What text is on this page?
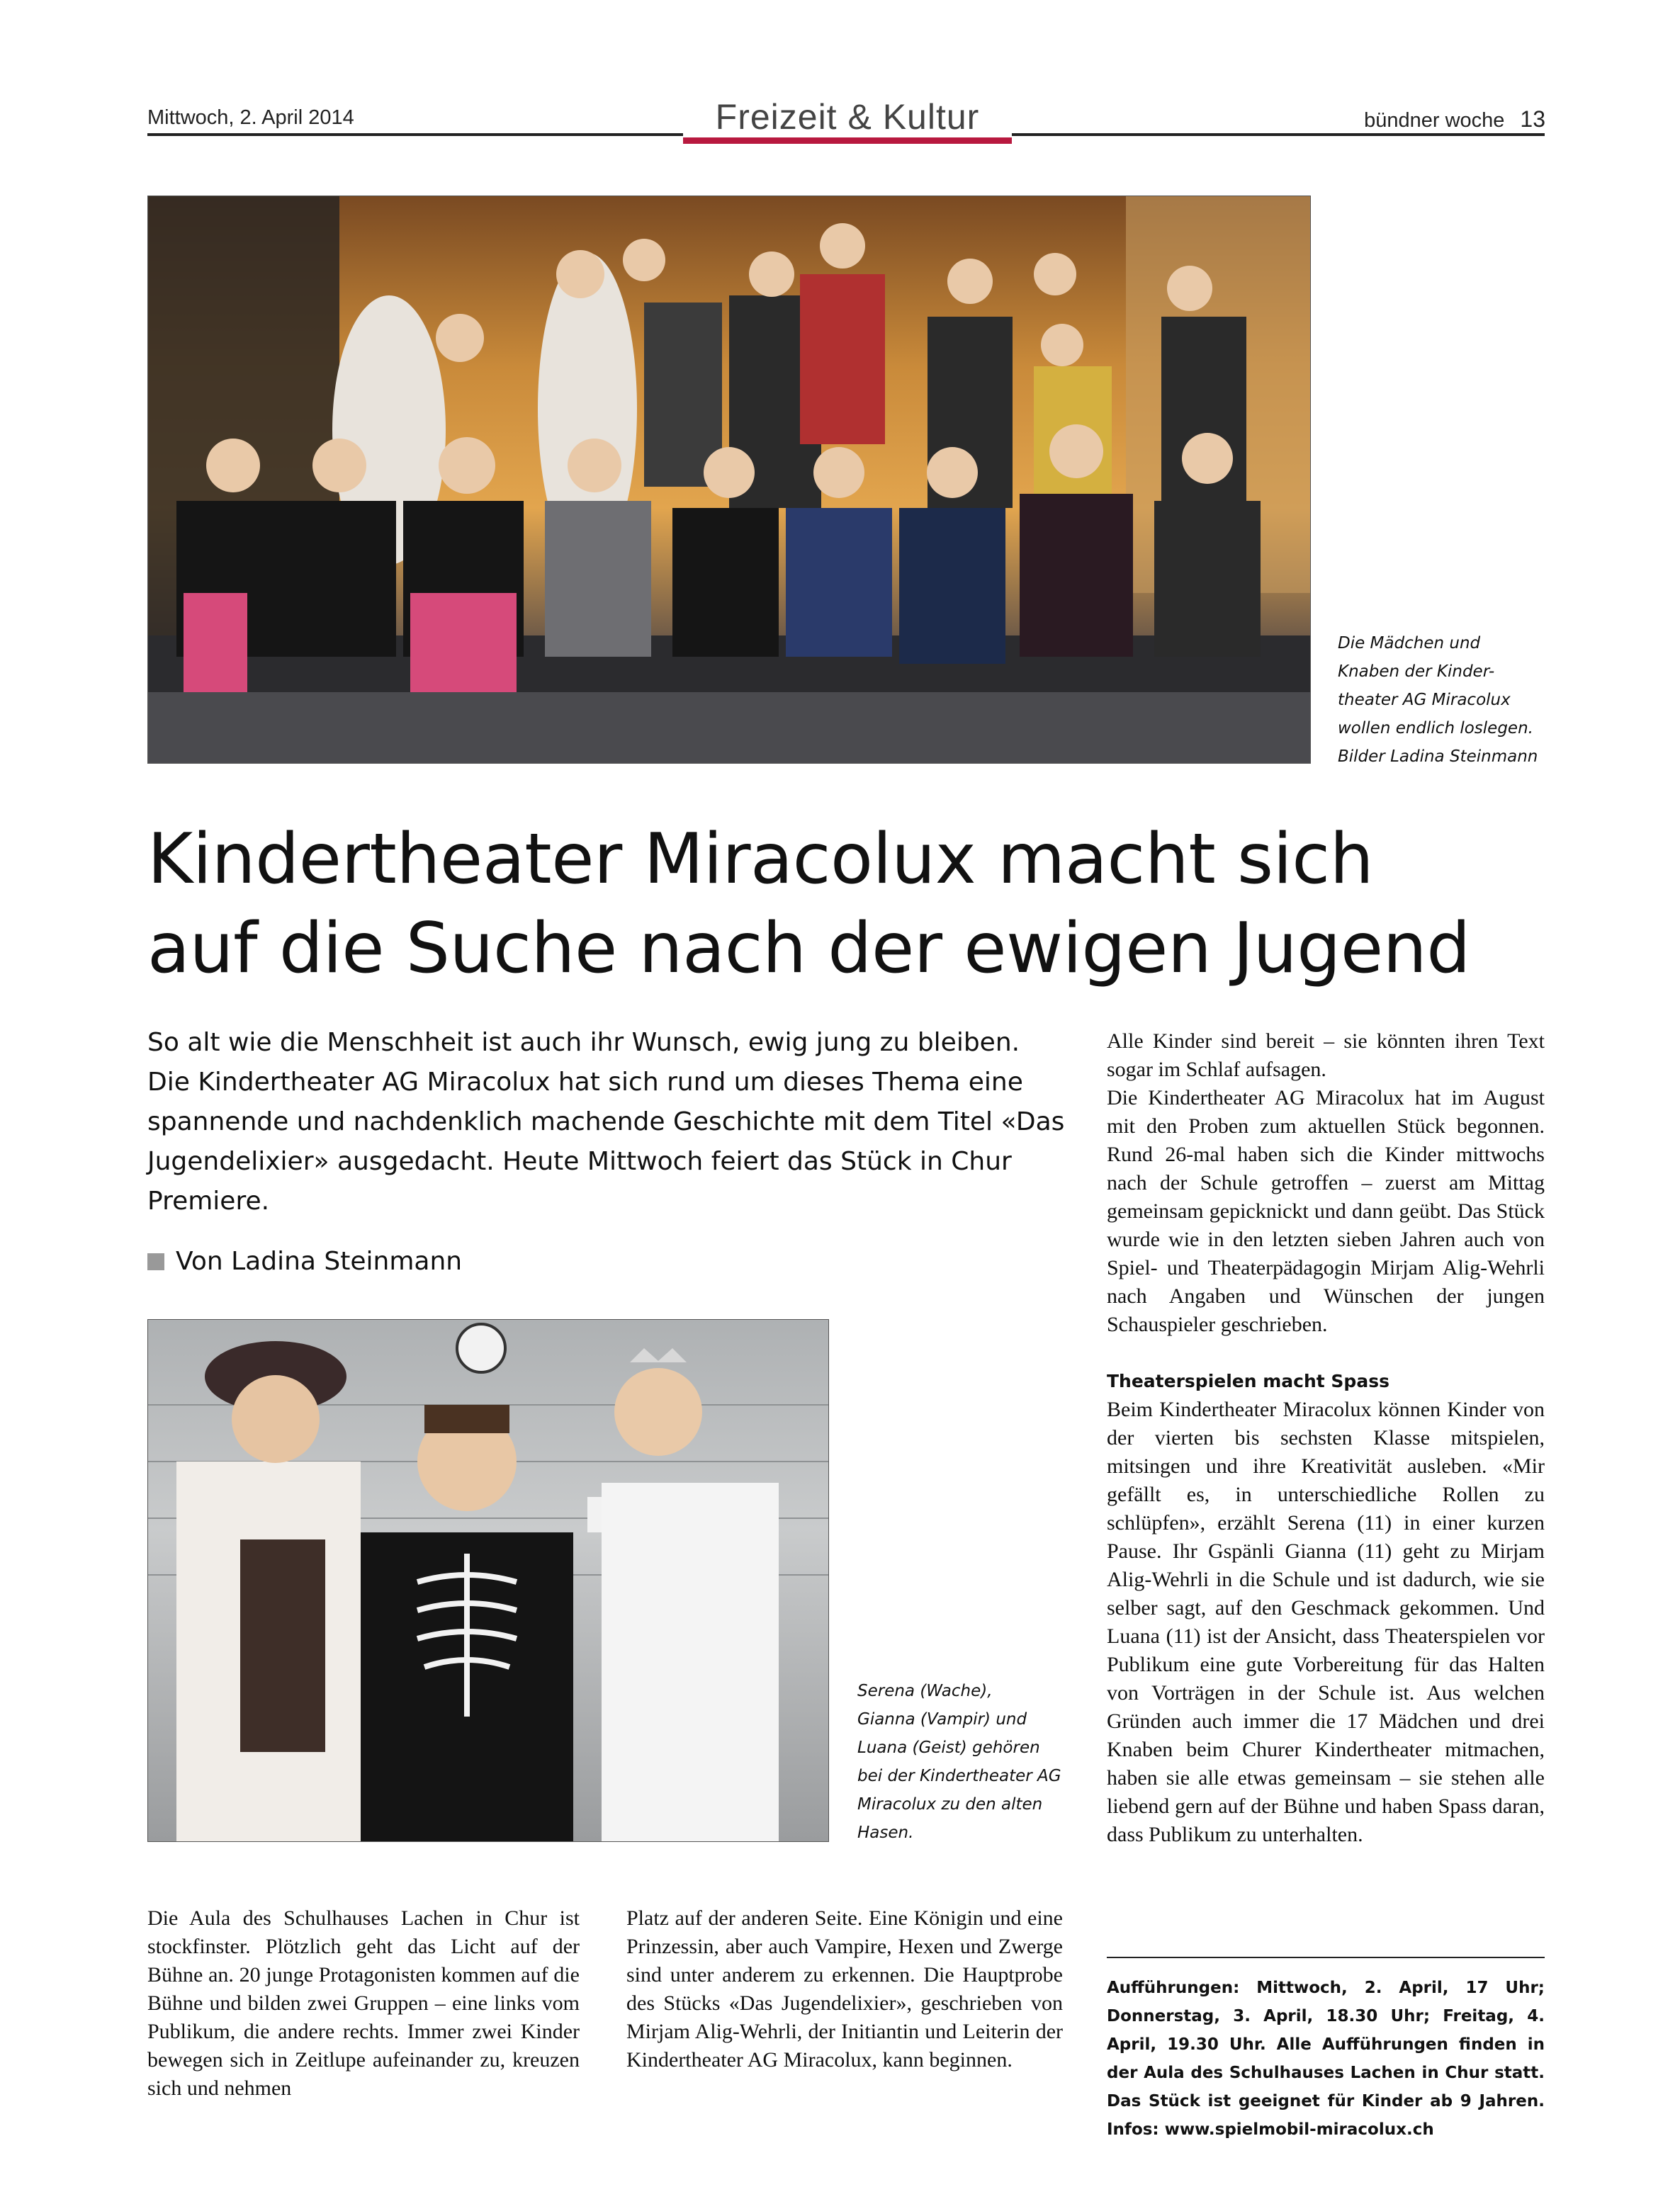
Mittwoch, 2. April 2014	Freizeit & Kultur	bündner woche 13
Die Mädchen und
Knaben der Kinder-
theater AG Miracolux
wollen endlich loslegen.
Bilder Ladina Steinmann
Kindertheater Miracolux macht sich
auf die Suche nach der ewigen Jugend
So alt wie die Menschheit ist auch ihr Wunsch, ewig jung zu bleiben. Die Kindertheater AG Miracolux hat sich rund um dieses Thema eine spannende und nachdenklich machende Geschichte mit dem Titel «Das Jugendelixier» ausgedacht. Heute Mittwoch feiert das Stück in Chur Premiere.
Von Ladina Steinmann
Serena (Wache),
Gianna (Vampir) und
Luana (Geist) gehören
bei der Kindertheater AG
Miracolux zu den alten
Hasen.

Alle Kinder sind bereit – sie könnten ihren Text sogar im Schlaf aufsagen.

Die Kindertheater AG Miracolux hat im August mit den Proben zum aktuellen Stück begonnen. Rund 26-mal haben sich die Kinder mittwochs nach der Schule getroffen – zuerst am Mittag gemeinsam gepicknickt und dann geübt. Das Stück wurde wie in den letzten sieben Jahren auch von Spiel- und Theaterpädagogin Mirjam Alig-Wehrli nach Angaben und Wünschen der jungen Schauspieler geschrieben.

Theaterspielen macht Spass

Beim Kindertheater Miracolux können Kinder von der vierten bis sechsten Klasse mitspielen, mitsingen und ihre Kreativität ausleben. «Mir gefällt es, in unterschiedliche Rollen zu schlüpfen», erzählt Serena (11) in einer kurzen Pause. Ihr Gspänli Gianna (11) geht zu Mirjam Alig-Wehrli in die Schule und ist dadurch, wie sie selber sagt, auf den Geschmack gekommen. Und Luana (11) ist der Ansicht, dass Theaterspielen vor Publikum eine gute Vorbereitung für das Halten von Vorträgen in der Schule ist. Aus welchen Gründen auch immer die 17 Mädchen und drei Knaben beim Churer Kindertheater mitmachen, haben sie alle etwas gemeinsam – sie stehen alle liebend gern auf der Bühne und haben Spass daran, dass Publikum zu unterhalten.

Die Aula des Schulhauses Lachen in Chur ist stockfinster. Plötzlich geht das Licht auf der Bühne an. 20 junge Protagonisten kommen auf die Bühne und bilden zwei Gruppen – eine links vom Publikum, die andere rechts. Immer zwei Kinder bewegen sich in Zeitlupe aufeinander zu, kreuzen sich und nehmen
Platz auf der anderen Seite. Eine Königin und eine Prinzessin, aber auch Vampire, Hexen und Zwerge sind unter anderem zu erkennen. Die Hauptprobe des Stücks «Das Jugendelixier», geschrieben von Mirjam Alig-Wehrli, der Initiantin und Leiterin der Kindertheater AG Miracolux, kann beginnen.
Aufführungen: Mittwoch, 2. April, 17 Uhr; Donnerstag, 3. April, 18.30 Uhr; Freitag, 4. April, 19.30 Uhr. Alle Aufführungen finden in der Aula des Schulhauses Lachen in Chur statt. Das Stück ist geeignet für Kinder ab 9 Jahren. Infos: www.spielmobil-miracolux.ch
